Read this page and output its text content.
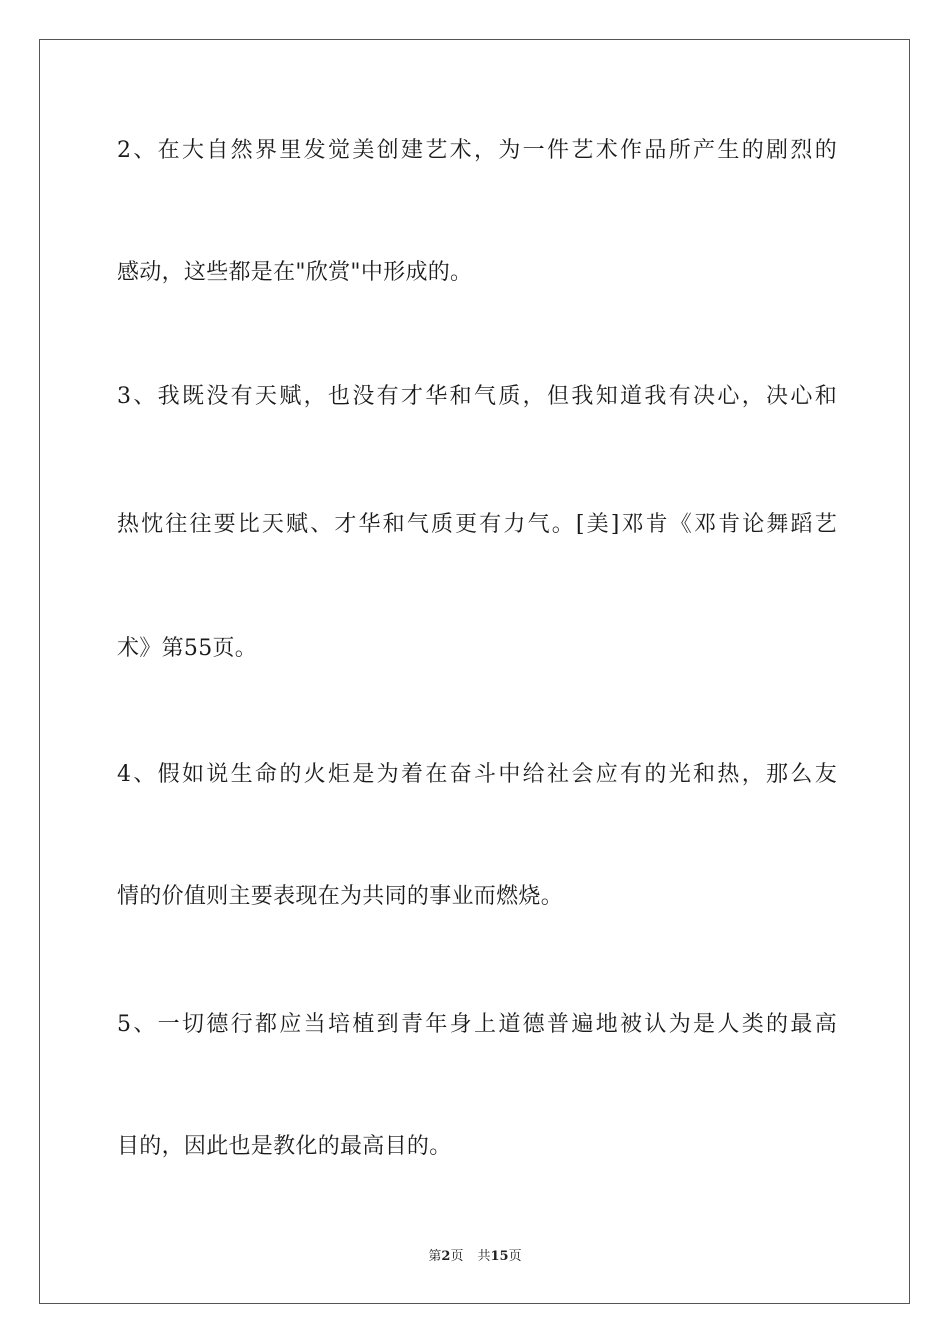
2、在大自然界里发觉美创建艺术，为一件艺术作品所产生的剧烈的
感动，这些都是在"欣赏"中形成的。
3、我既没有天赋，也没有才华和气质，但我知道我有决心，决心和
热忱往往要比天赋、才华和气质更有力气。[美]邓肯《邓肯论舞蹈艺
术》第55页。
4、假如说生命的火炬是为着在奋斗中给社会应有的光和热，那么友
情的价值则主要表现在为共同的事业而燃烧。
5、一切德行都应当培植到青年身上道德普遍地被认为是人类的最高
目的，因此也是教化的最高目的。
第2页 共15页
